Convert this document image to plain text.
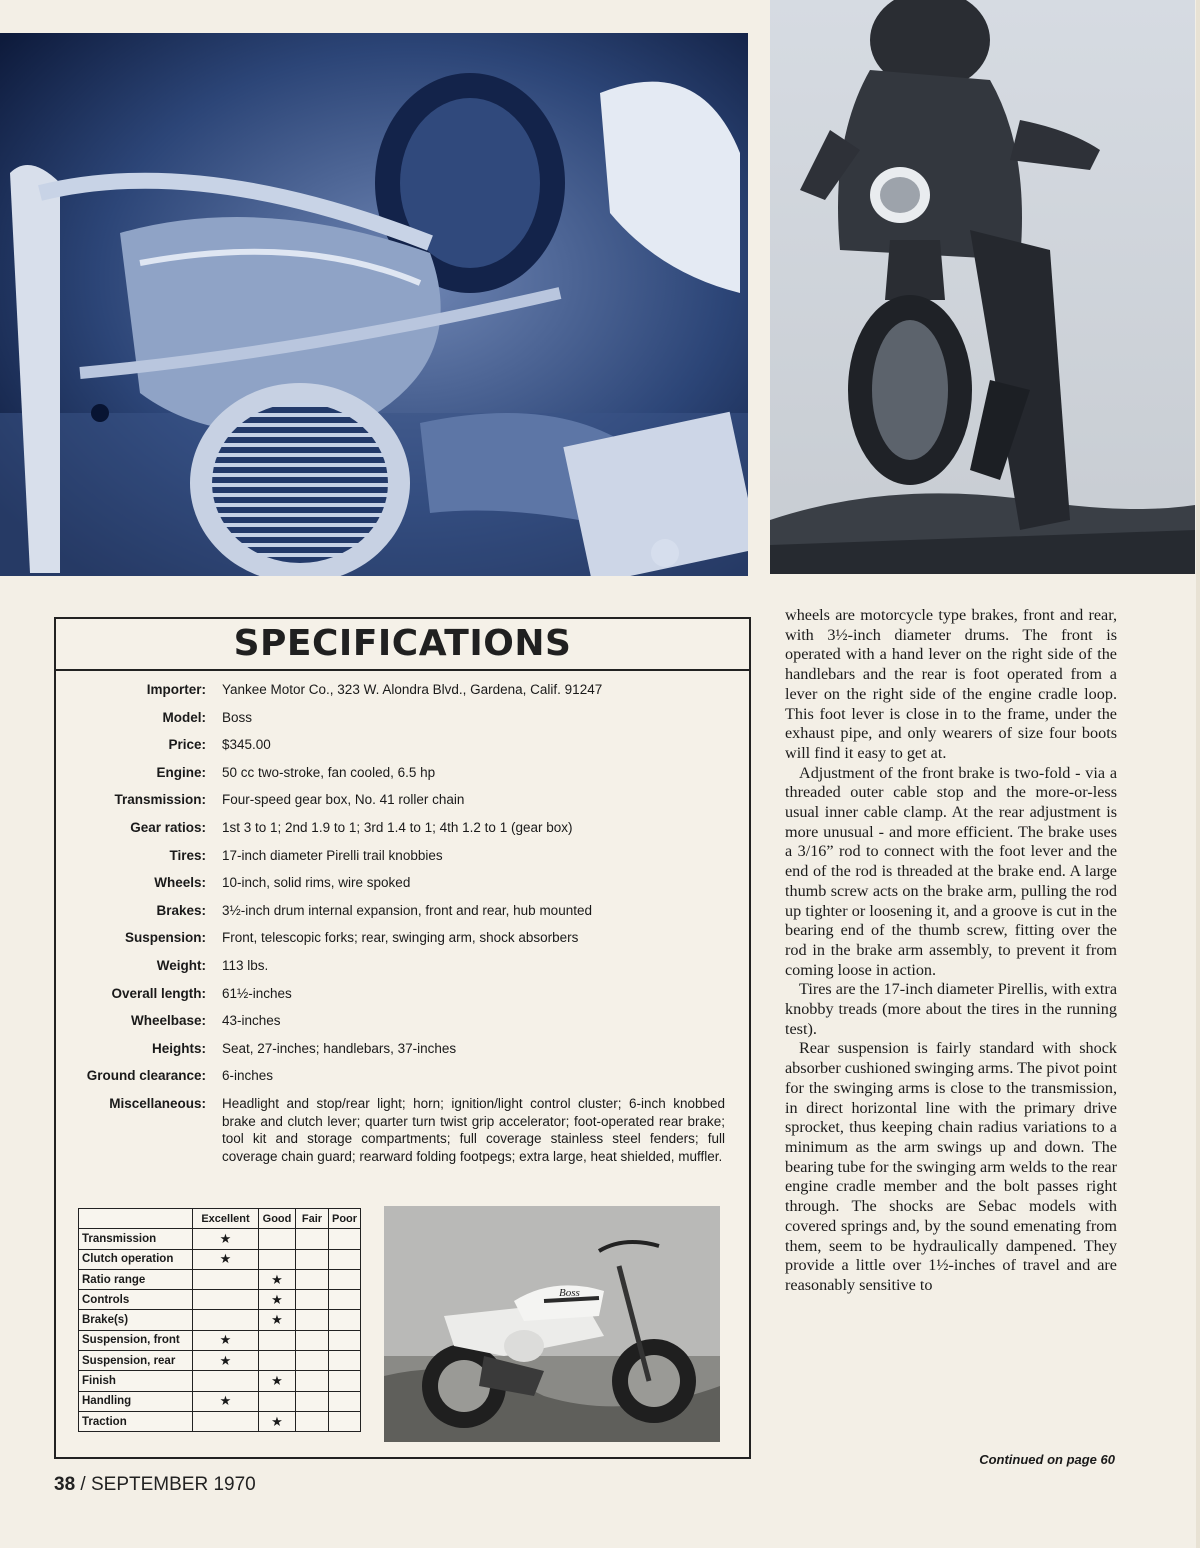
SPECIFICATIONS
Importer:	Yankee Motor Co., 323 W. Alondra Blvd., Gardena, Calif. 91247
Model:	Boss
Price:	$345.00
Engine:	50 cc two-stroke, fan cooled, 6.5 hp
Transmission:	Four-speed gear box, No. 41 roller chain
Gear ratios:	1st 3 to 1; 2nd 1.9 to 1; 3rd 1.4 to 1; 4th 1.2 to 1 (gear box)
Tires:	17-inch diameter Pirelli trail knobbies
Wheels:	10-inch, solid rims, wire spoked
Brakes:	3½-inch drum internal expansion, front and rear, hub mounted
Suspension:	Front, telescopic forks; rear, swinging arm, shock absorbers
Weight:	113 lbs.
Overall length:	61½-inches
Wheelbase:	43-inches
Heights:	Seat, 27-inches; handlebars, 37-inches
Ground clearance:	6-inches
Miscellaneous:	Headlight and stop/rear light; horn; ignition/light control cluster; 6-inch knobbed brake and clutch lever; quarter turn twist grip accelerator; foot-operated rear brake; tool kit and storage compartments; full coverage stainless steel fenders; full coverage chain guard; rearward folding footpegs; extra large, heat shielded, muffler.
	Excellent	Good	Fair	Poor
Transmission	★			
Clutch operation	★			
Ratio range		★		
Controls		★		
Brake(s)		★		
Suspension, front	★			
Suspension, rear	★			
Finish		★		
Handling	★			
Traction		★		
Boss

wheels are motorcycle type brakes, front and rear, with 3½-inch diameter drums. The front is operated with a hand lever on the right side of the handlebars and the rear is foot operated from a lever on the right side of the engine cradle loop. This foot lever is close in to the frame, under the exhaust pipe, and only wearers of size four boots will find it easy to get at.

Adjustment of the front brake is two-fold - via a threaded outer cable stop and the more-or-less usual inner cable clamp. At the rear adjustment is more unusual - and more efficient. The brake uses a 3/16” rod to connect with the foot lever and the end of the rod is threaded at the brake end. A large thumb screw acts on the brake arm, pulling the rod up tighter or loosening it, and a groove is cut in the bearing end of the thumb screw, fitting over the rod in the brake arm assembly, to prevent it from coming loose in action.

Tires are the 17-inch diameter Pirellis, with extra knobby treads (more about the tires in the running test).

Rear suspension is fairly standard with shock absorber cushioned swinging arms. The pivot point for the swinging arms is close to the transmission, in direct horizontal line with the primary drive sprocket, thus keeping chain radius variations to a minimum as the arm swings up and down. The bearing tube for the swinging arm welds to the rear engine cradle member and the bolt passes right through. The shocks are Sebac models with covered springs and, by the sound emenating from them, seem to be hydraulically dampened. They provide a little over 1½-inches of travel and are reasonably sensitive to

Continued on page 60
38 / SEPTEMBER 1970
